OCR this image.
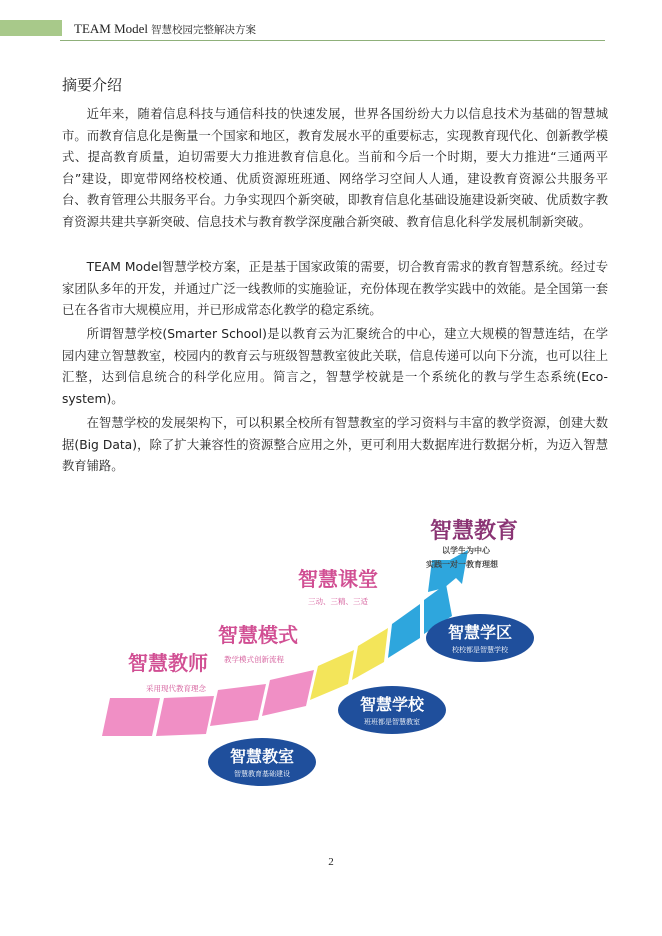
TEAM Model 智慧校园完整解决方案
摘要介绍

近年来，随着信息科技与通信科技的快速发展，世界各国纷纷大力以信息技术为基础的智慧城市。而教育信息化是衡量一个国家和地区，教育发展水平的重要标志，实现教育现代化、创新教学模式、提高教育质量，迫切需要大力推进教育信息化。当前和今后一个时期，要大力推进“三通两平台”建设，即宽带网络校校通、优质资源班班通、网络学习空间人人通，建设教育资源公共服务平台、教育管理公共服务平台。力争实现四个新突破，即教育信息化基础设施建设新突破、优质数字教育资源共建共享新突破、信息技术与教育教学深度融合新突破、教育信息化科学发展机制新突破。

TEAM Model智慧学校方案，正是基于国家政策的需要，切合教育需求的教育智慧系统。经过专家团队多年的开发，并通过广泛一线教师的实施验证，充份体现在教学实践中的效能。是全国第一套已在各省市大规模应用，并已形成常态化教学的稳定系统。

所谓智慧学校(Smarter School)是以教育云为汇聚统合的中心，建立大规模的智慧连结，在学园内建立智慧教室，校园内的教育云与班级智慧教室彼此关联，信息传递可以向下分流，也可以往上汇整，达到信息统合的科学化应用。简言之，智慧学校就是一个系统化的教与学生态系统(Eco-system)。

在智慧学校的发展架构下，可以积累全校所有智慧教室的学习资料与丰富的教学资源，创建大数据(Big Data)，除了扩大兼容性的资源整合应用之外，更可利用大数据库进行数据分析，为迈入智慧教育铺路。

智慧教师
采用现代教育理念
智慧模式
教学模式创新流程
智慧课堂
三动、三精、三适
智慧教育
以学生为中心
实践一对一教育理想
智慧教室
智慧教育基础建设
智慧学校
班班都是智慧教室
智慧学区
校校都是智慧学校
2
